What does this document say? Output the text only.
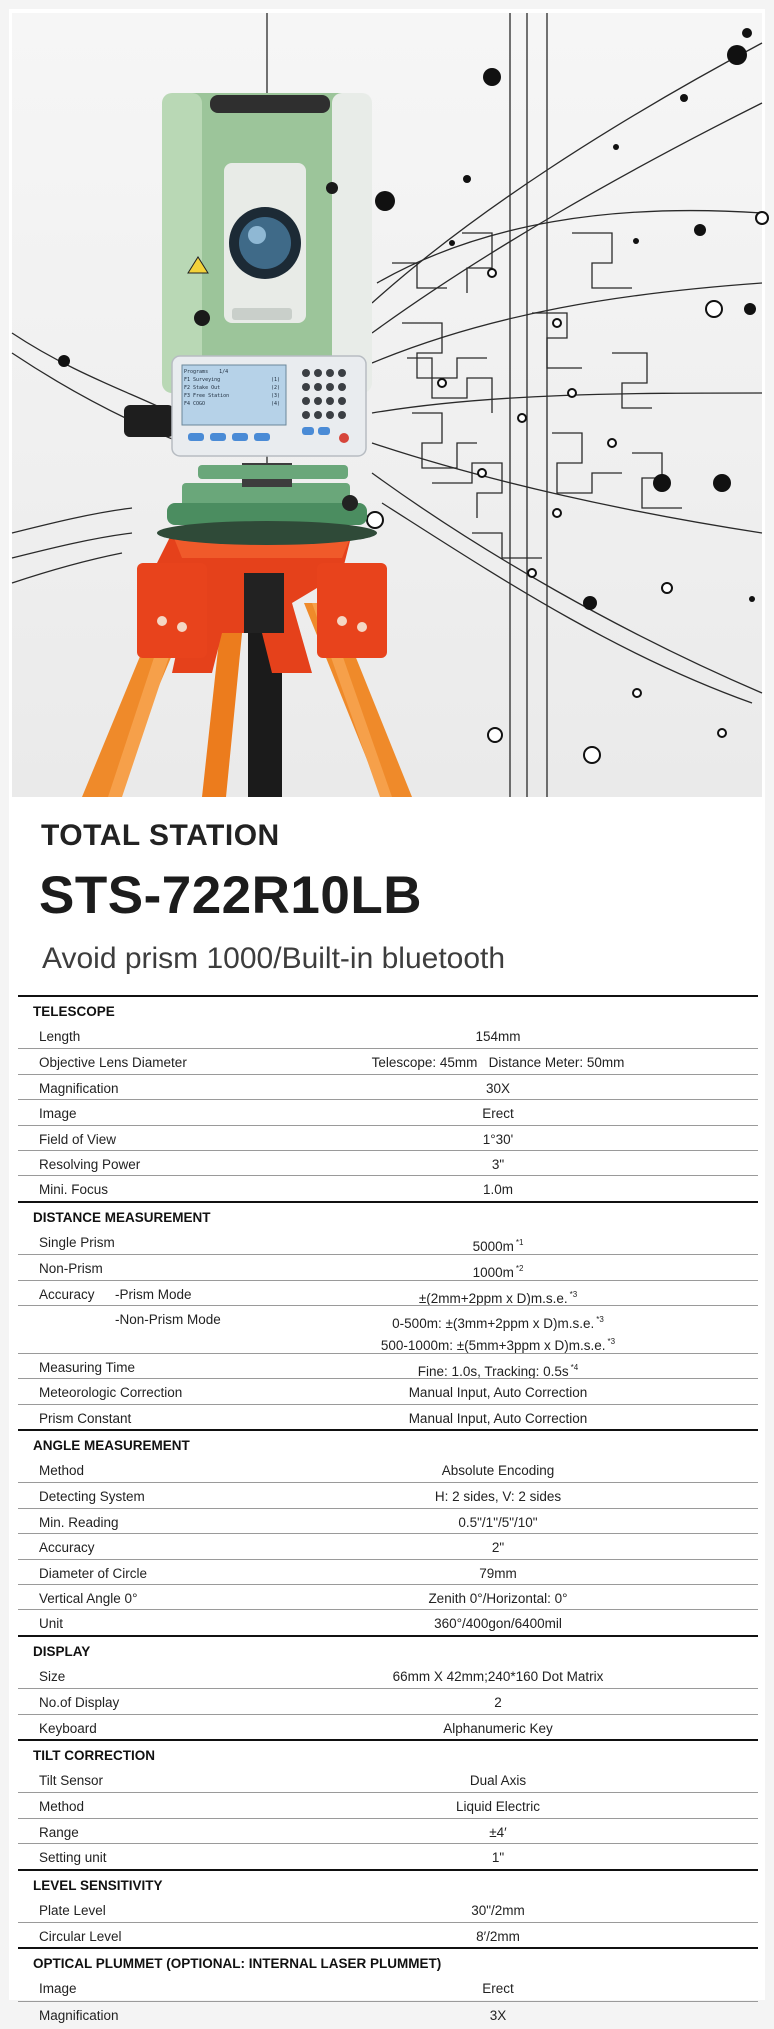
Programs 1/4
F1 Surveying	(1)
F2 Stake Out	(2)
F3 Free Station	(3)
F4 COGO	(4)
TOTAL STATION
STS-722R10LB
Avoid prism 1000/Built-in bluetooth
TELESCOPE
Length	154mm
Objective Lens Diameter	Telescope: 45mm   Distance Meter: 50mm
Magnification	30X
Image	Erect
Field of View	1°30'
Resolving Power	3"
Mini. Focus	1.0m
DISTANCE MEASUREMENT
Single Prism	5000m $^{*1}$
Non-Prism	1000m $^{*2}$
Accuracy -Prism Mode	±(2mm+2ppm x D)m.s.e. $^{*3}$
-Non-Prism Mode	0-500m: ±(3mm+2ppm x D)m.s.e. $^{*3}$
500-1000m: ±(5mm+3ppm x D)m.s.e. $^{*3}$
Measuring Time	Fine: 1.0s, Tracking: 0.5s $^{*4}$
Meteorologic Correction	Manual Input, Auto Correction
Prism Constant	Manual Input, Auto Correction
ANGLE MEASUREMENT
Method	Absolute Encoding
Detecting System	H: 2 sides, V: 2 sides
Min. Reading	0.5"/1"/5"/10"
Accuracy	2"
Diameter of Circle	79mm
Vertical Angle 0°	Zenith 0°/Horizontal: 0°
Unit	360°/400gon/6400mil
DISPLAY
Size	66mm X 42mm;240*160 Dot Matrix
No.of Display	2
Keyboard	Alphanumeric Key
TILT CORRECTION
Tilt Sensor	Dual Axis
Method	Liquid Electric
Range	±4′
Setting unit	1"
LEVEL SENSITIVITY
Plate Level	30"/2mm
Circular Level	8′/2mm
OPTICAL PLUMMET (OPTIONAL: INTERNAL LASER PLUMMET)
Image	Erect
Magnification	3X
